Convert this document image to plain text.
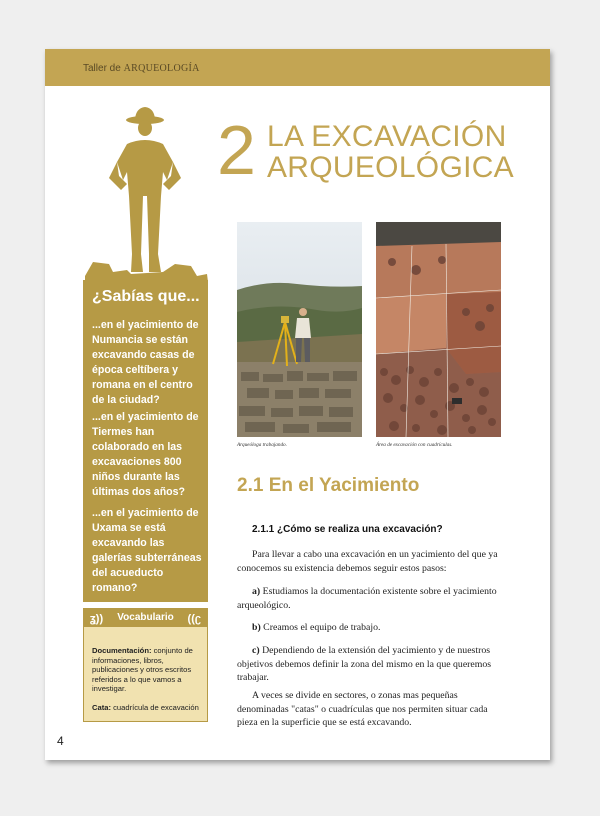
Taller de ARQUEOLOGÍA
2 LA EXCAVACIÓN
ARQUEOLÓGICA
¿Sabías que...
...en el yacimiento de Numancia se están excavando casas de época celtíbera y romana en el centro de la ciudad?
...en el yacimiento de Tiermes han colaborado en las excavaciones 800 niños durante las últimas dos años?
...en el yacimiento de Uxama se está excavando las galerías subterráneas del acueducto romano?
ʓ)) Vocabulario ((ʗ

Documentación: conjunto de informaciones, libros, publicaciones y otros escritos referidos a lo que vamos a investigar.

Cata: cuadrícula de excavación

Arqueóloga trabajando.	Área de excavación con cuadrículas.
2.1 En el Yacimiento
2.1.1 ¿Cómo se realiza una excavación?

Para llevar a cabo una excavación en un yacimiento del que ya conocemos su existencia debemos seguir estos pasos:

a) Estudiamos la documentación existente sobre el yacimiento arqueológico.

b) Creamos el equipo de trabajo.

c) Dependiendo de la extensión del yacimiento y de nuestros objetivos debemos definir la zona del mismo en la que queremos trabajar.

A veces se divide en sectores, o zonas mas pequeñas denominadas "catas" o cuadrículas que nos permiten situar cada pieza en la superficie que se está excavando.

4
